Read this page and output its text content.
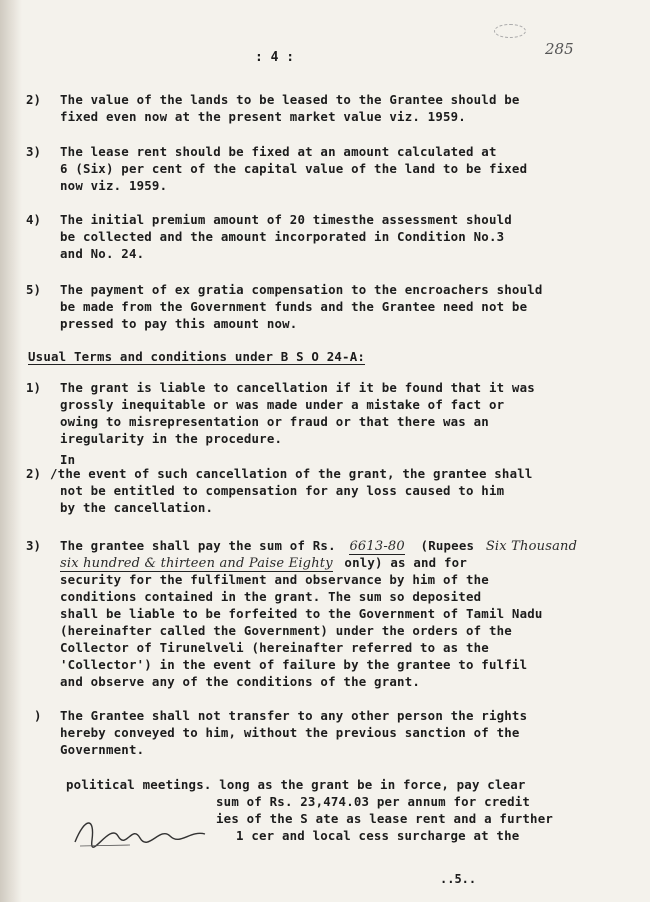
: 4 :	285
2) The value of the lands to be leased to the Grantee should be
fixed even now at the present market value viz. 1959.
3) The lease rent should be fixed at an amount calculated at
6 (Six) per cent of the capital value of the land to be fixed
now viz. 1959.
4) The initial premium amount of 20 timesthe assessment should
be collected and the amount incorporated in Condition No.3
and No. 24.
5) The payment of ex gratia compensation to the encroachers should
be made from the Government funds and the Grantee need not be
pressed to pay this amount now.
Usual Terms and conditions under B S O 24-A:
1) The grant is liable to cancellation if it be found that it was
grossly inequitable or was made under a mistake of fact or
owing to misrepresentation or fraud or that there was an
iregularity in the procedure.
In
2) /the event of such cancellation of the grant, the grantee shall
not be entitled to compensation for any loss caused to him
by the cancellation.
3) The grantee shall pay the sum of Rs. 6613-80 (Rupees Six Thousand
six hundred & thirteen and Paise Eighty only) as and for
security for the fulfilment and observance by him of the
conditions contained in the grant. The sum so deposited
shall be liable to be forfeited to the Government of Tamil Nadu
(hereinafter called the Government) under the orders of the
Collector of Tirunelveli (hereinafter referred to as the
'Collector') in the event of failure by the grantee to fulfil
and observe any of the conditions of the grant.
) The Grantee shall not transfer to any other person the rights
hereby conveyed to him, without the previous sanction of the
Government.
political meetings. long as the grant be in force, pay clear
sum of Rs. 23,474.03 per annum for credit
ies of the S ate as lease rent and a further
1 cer and local cess surcharge at the
..5..
